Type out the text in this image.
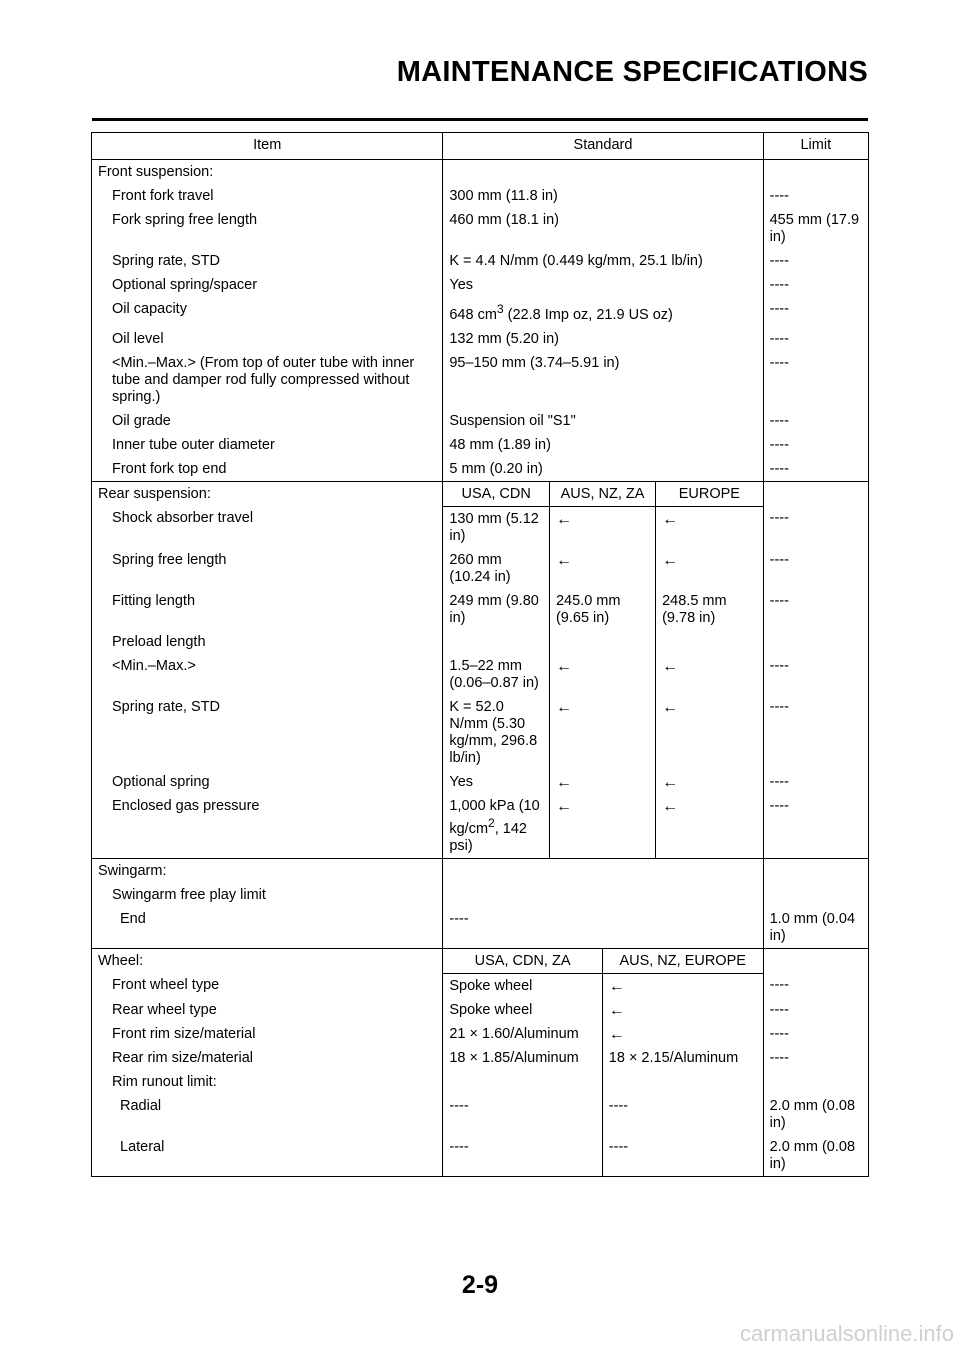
MAINTENANCE SPECIFICATIONS
Item	Standard				Limit
Front suspension:					
Front fork travel	300 mm (11.8 in)				----
Fork spring free length	460 mm (18.1 in)				455 mm (17.9 in)
Spring rate, STD	K = 4.4 N/mm (0.449 kg/mm, 25.1 lb/in)				----
Optional spring/spacer	Yes				----
Oil capacity	648 $cm^3$ (22.8 Imp oz, 21.9 US oz)				----
Oil level	132 mm (5.20 in)				----
<Min.–Max.> (From top of outer tube with inner tube and damper rod fully compressed without spring.)	95–150 mm (3.74–5.91 in)				----
Oil grade	Suspension oil "S1"				----
Inner tube outer diameter	48 mm (1.89 in)				----
Front fork top end	5 mm (0.20 in)				----
Rear suspension:	USA, CDN	AUS, NZ, ZA		EUROPE	
Shock absorber travel	130 mm (5.12 in)	←		←	----
Spring free length	260 mm (10.24 in)	←		←	----
Fitting length	249 mm (9.80 in)	245.0 mm (9.65 in)		248.5 mm (9.78 in)	----
Preload length					
<Min.–Max.>	1.5–22 mm (0.06–0.87 in)	←		←	----
Spring rate, STD	K = 52.0 N/mm (5.30 kg/mm, 296.8 lb/in)	←		←	----
Optional spring	Yes	←		←	----
Enclosed gas pressure	1,000 kPa (10 $kg/cm^2$, 142 psi)	←		←	----
Swingarm:					
Swingarm free play limit					
End	----				1.0 mm (0.04 in)
Wheel:	USA, CDN, ZA		AUS, NZ, EUROPE		
Front wheel type	Spoke wheel		←		----
Rear wheel type	Spoke wheel		←		----
Front rim size/material	21 × 1.60/Aluminum		←		----
Rear rim size/material	18 × 1.85/Aluminum		18 × 2.15/Aluminum		----
Rim runout limit:					
Radial	----		----		2.0 mm (0.08 in)
Lateral	----		----		2.0 mm (0.08 in)
2-9
carmanualsonline.info
